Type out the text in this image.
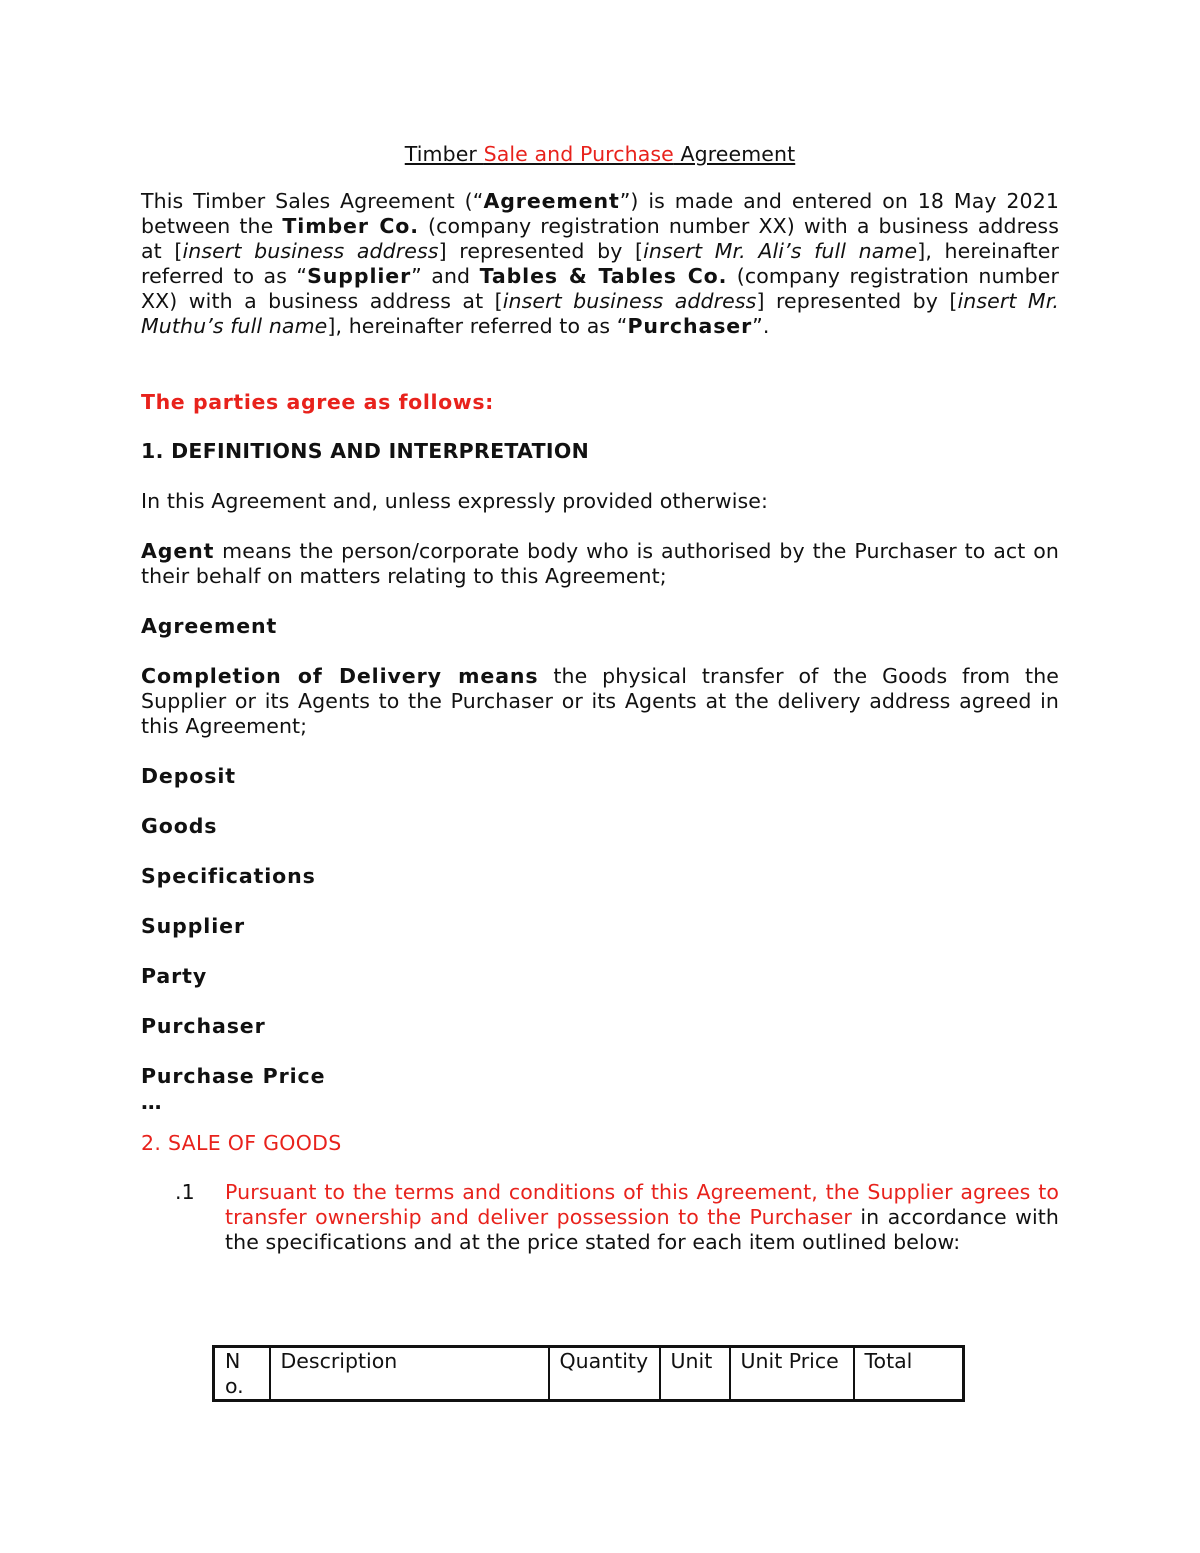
Timber Sale and Purchase Agreement

This Timber Sales Agreement (“Agreement”) is made and entered on 18 May 2021 between the Timber Co. (company registration number XX) with a business address at [insert business address] represented by [insert Mr. Ali’s full name], hereinafter referred to as “Supplier” and Tables & Tables Co. (company registration number XX) with a business address at [insert business address] represented by [insert Mr. Muthu’s full name], hereinafter referred to as “Purchaser”.

The parties agree as follows:

1. DEFINITIONS AND INTERPRETATION

In this Agreement and, unless expressly provided otherwise:

Agent means the person/corporate body who is authorised by the Purchaser to act on their behalf on matters relating to this Agreement;

Agreement

Completion of Delivery means the physical transfer of the Goods from the Supplier or its Agents to the Purchaser or its Agents at the delivery address agreed in this Agreement;

Deposit

Goods

Specifications

Supplier

Party

Purchaser

Purchase Price

…

2. SALE OF GOODS

.1 Pursuant to the terms and conditions of this Agreement, the Supplier agrees to transfer ownership and deliver possession to the Purchaser in accordance with the specifications and at the price stated for each item outlined below:

No.	Description	Quantity	Unit	Unit Price	Total
